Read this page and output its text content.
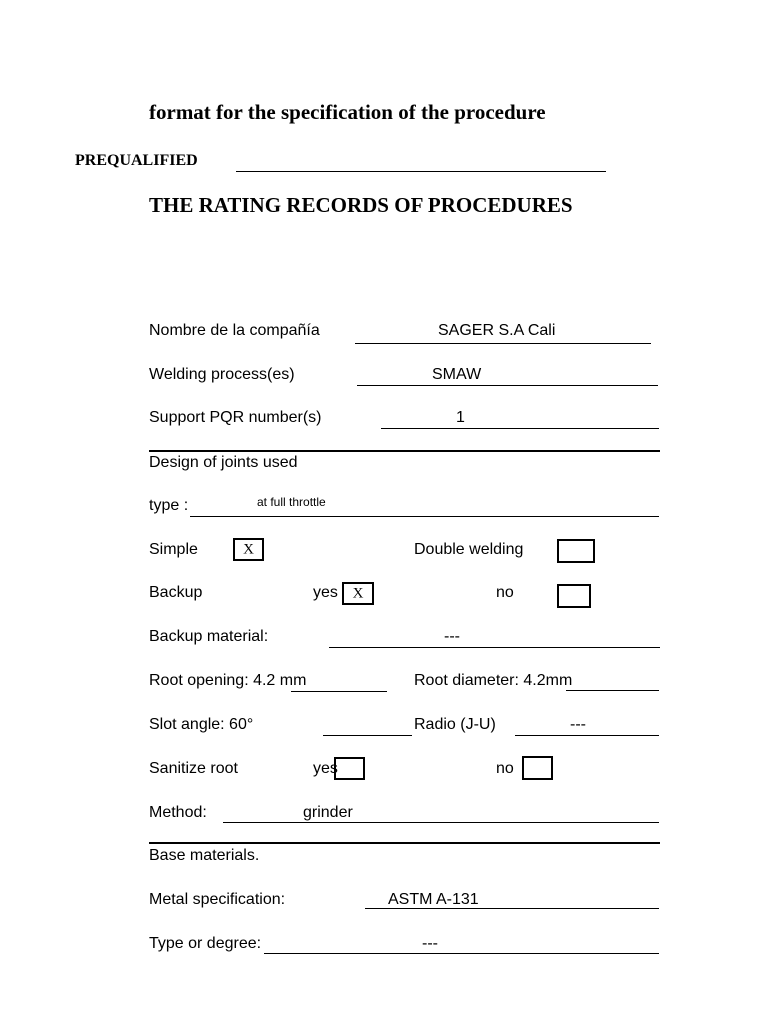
format for the specification of the procedure
PREQUALIFIED
THE RATING RECORDS OF PROCEDURES
Nombre de la compañía	SAGER S.A Cali
Welding process(es)	SMAW
Support PQR number(s)	1
Design of joints used
type :	at full throttle
Simple	X	Double welding
Backup	yes X	no
Backup material:	---
Root opening: 4.2 mm	Root diameter: 4.2mm
Slot angle: 60°	Radio (J-U)	---
Sanitize root	yes	no
Method:	grinder
Base materials.
Metal specification:	ASTM A-131
Type or degree:	---
